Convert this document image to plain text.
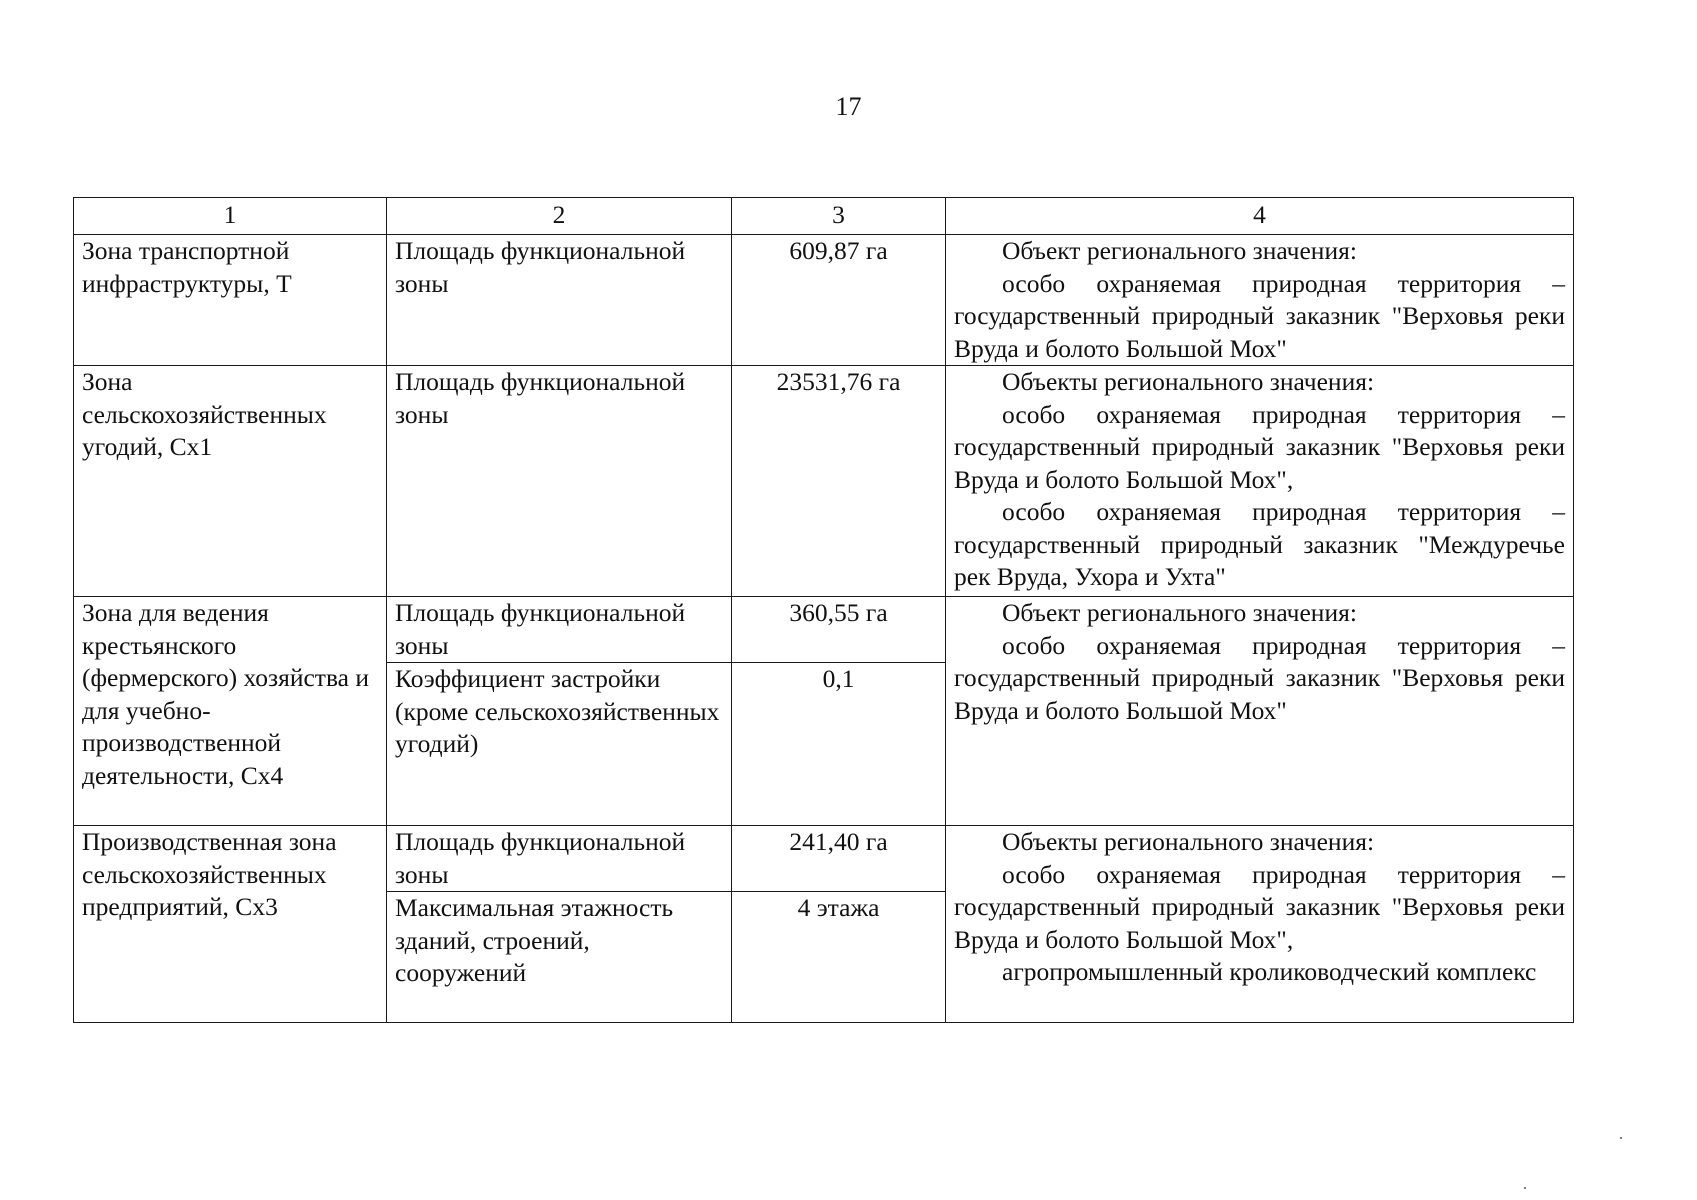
17
1	2	3	4
Зона транспортной инфраструктуры, Т	Площадь функциональной зоны	609,87 га	Объект регионального значения:
особо охраняемая природная территория – государственный природный заказник "Верховья реки Вруда и болото Большой Мох"

Зона сельскохозяйственных угодий, Сх1	Площадь функциональной зоны	23531,76 га	Объекты регионального значения:
особо охраняемая природная территория – государственный природный заказник "Верховья реки Вруда и болото Большой Мох",
особо охраняемая природная территория – государственный природный заказник "Междуречье рек Вруда, Ухора и Ухта"

Зона для ведения крестьянского (фермерского) хозяйства и для учебно-производственной деятельности, Сх4	Площадь функциональной зоны	360,55 га	Объект регионального значения:
особо охраняемая природная территория – государственный природный заказник "Верховья реки Вруда и болото Большой Мох"

	Коэффициент застройки (кроме сельскохозяйственных угодий)	0,1	
Производственная зона сельскохозяйственных предприятий, Сх3	Площадь функциональной зоны	241,40 га	Объекты регионального значения:
особо охраняемая природная территория – государственный природный заказник "Верховья реки Вруда и болото Большой Мох",
агропромышленный кролиководческий комплекс

	Максимальная этажность зданий, строений, сооружений	4 этажа	
